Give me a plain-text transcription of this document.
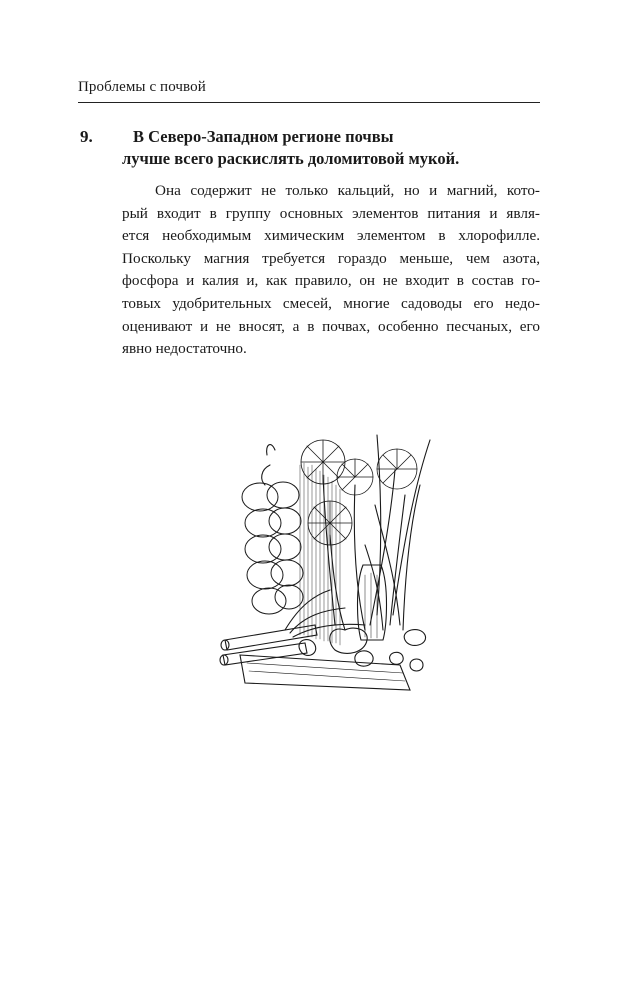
Проблемы с почвой
9. В Северо-Западном регионе почвы
лучше всего раскислять доломитовой мукой.
Она содержит не только кальций, но и магний, кото-
рый входит в группу основных элементов питания и явля-
ется необходимым химическим элементом в хлорофилле.
Поскольку магния требуется гораздо меньше, чем азота,
фосфора и калия и, как правило, он не входит в состав го-
товых удобрительных смесей, многие садоводы его недо-
оценивают и не вносят, а в почвах, особенно песчаных, его
явно недостаточно.
